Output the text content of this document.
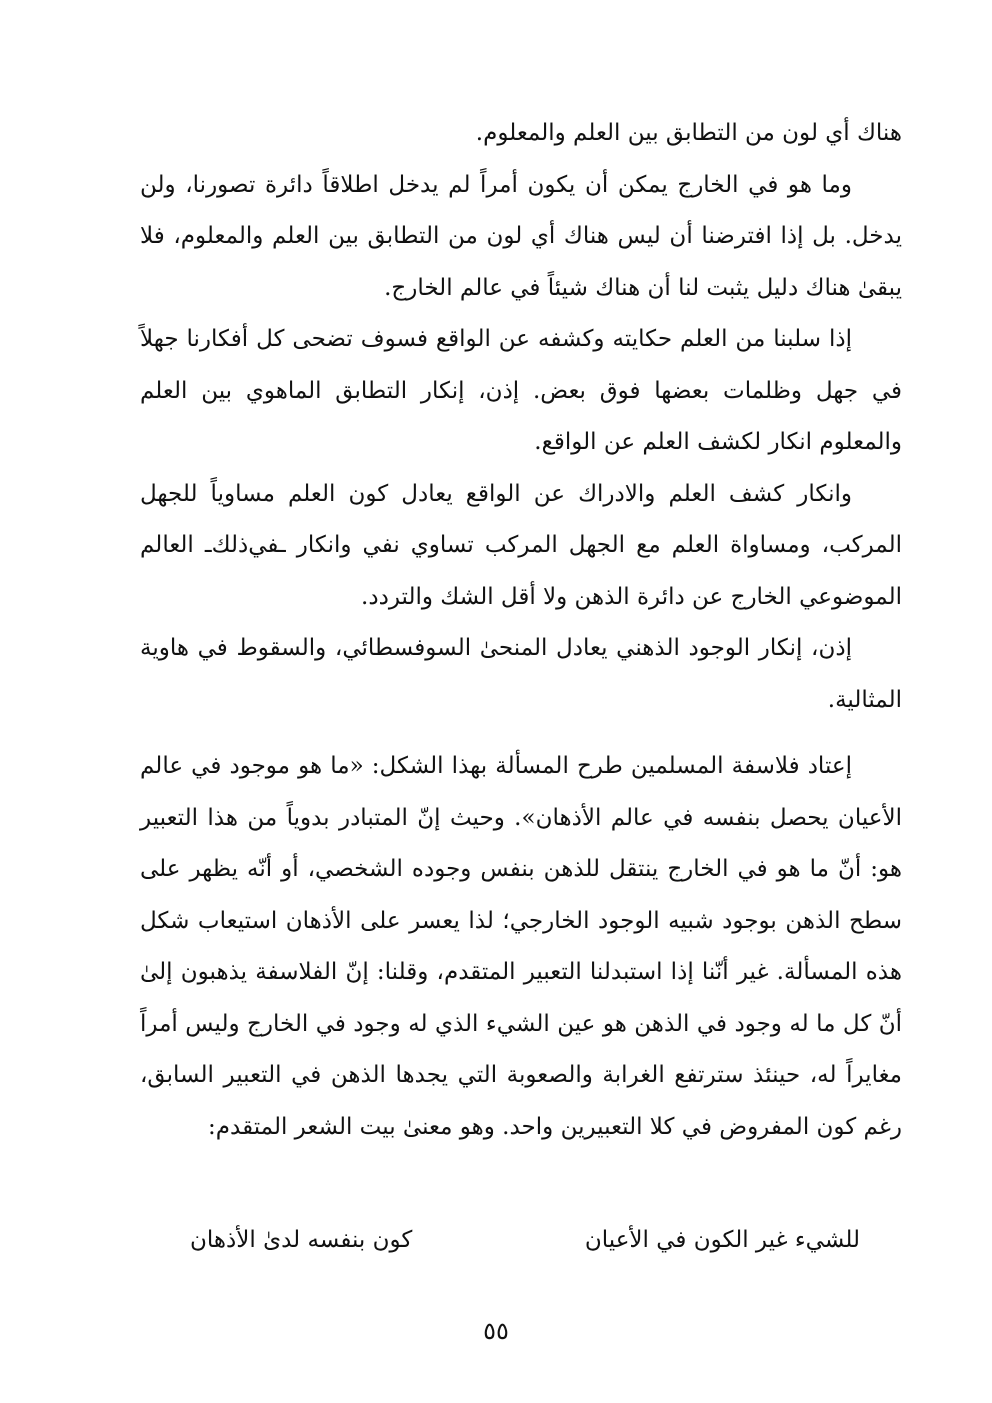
هناك أي لون من التطابق بين العلم والمعلوم.

وما هو في الخارج يمكن أن يكون أمراً لم يدخل اطلاقاً دائرة تصورنا، ولن يدخل. بل إذا افترضنا أن ليس هناك أي لون من التطابق بين العلم والمعلوم، فلا يبقىٰ هناك دليل يثبت لنا أن هناك شيئاً في عالم الخارج.

إذا سلبنا من العلم حكايته وكشفه عن الواقع فسوف تضحى كل أفكارنا جهلاً في جهل وظلمات بعضها فوق بعض. إذن، إنكار التطابق الماهوي بين العلم والمعلوم انكار لكشف العلم عن الواقع.

وانكار كشف العلم والادراك عن الواقع يعادل كون العلم مساوياً للجهل المركب، ومساواة العلم مع الجهل المركب تساوي نفي وانكار ـفي‌ذلك‌ـ العالم الموضوعي الخارج عن دائرة الذهن ولا أقل الشك والتردد.

إذن، إنكار الوجود الذهني يعادل المنحىٰ السوفسطائي، والسقوط في هاوية المثالية.

إعتاد فلاسفة المسلمين طرح المسألة بهذا الشكل: «ما هو موجود في عالم الأعيان يحصل بنفسه في عالم الأذهان». وحيث إنّ المتبادر بدوياً من هذا التعبير هو: أنّ ما هو في الخارج ينتقل للذهن بنفس وجوده الشخصي، أو أنّه يظهر على سطح الذهن بوجود شبيه الوجود الخارجي؛ لذا يعسر على الأذهان استيعاب شكل هذه المسألة. غير أنّنا إذا استبدلنا التعبير المتقدم، وقلنا: إنّ الفلاسفة يذهبون إلىٰ أنّ كل ما له وجود في الذهن هو عين الشيء الذي له وجود في الخارج وليس أمراً مغايراً له، حينئذ سترتفع الغرابة والصعوبة التي يجدها الذهن في التعبير السابق، رغم كون المفروض في كلا التعبيرين واحد. وهو معنىٰ بيت الشعر المتقدم:

للشيء غير الكون في الأعيان
كون بنفسه لدىٰ الأذهان
٥٥
